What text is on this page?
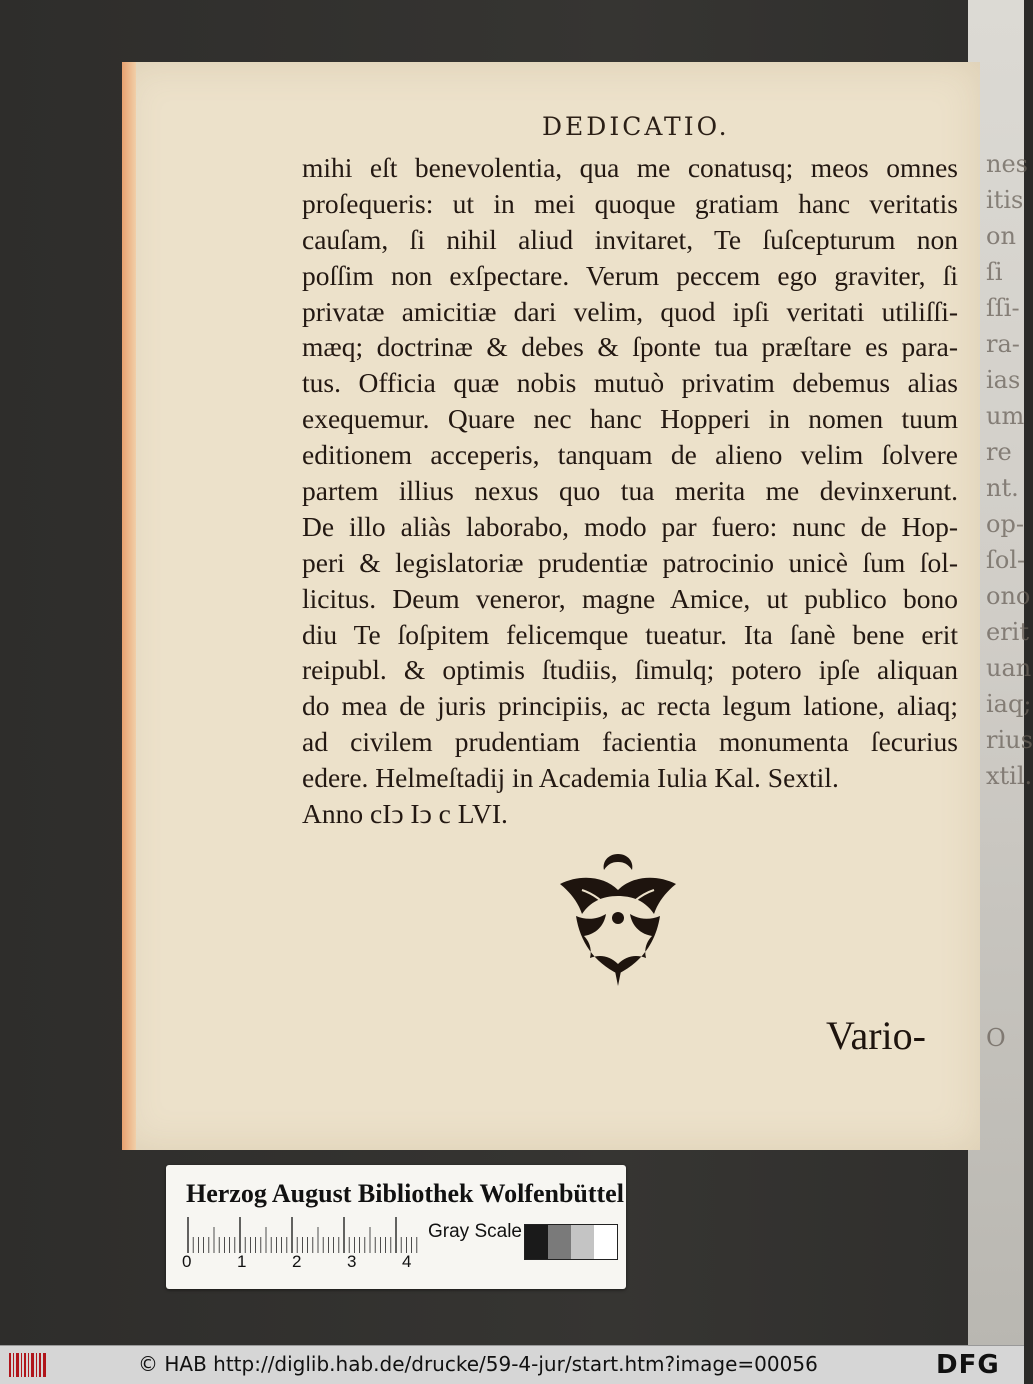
nes
itis
on
ſi
ſſi-
ra-
ias
um
re
nt.
op-
ſol-
ono
erit
uan
iaq;
rius
xtil.
O
DEDICATIO.
mihi eſt benevolentia, qua me conatusq; meos omnes
proſequeris: ut in mei quoque gratiam hanc veritatis
cauſam, ſi nihil aliud invitaret, Te ſuſcepturum non
poſſim non exſpectare. Verum peccem ego graviter, ſi
privatæ amicitiæ dari velim, quod ipſi veritati utiliſſi-
mæq; doctrinæ & debes & ſponte tua præſtare es para-
tus. Officia quæ nobis mutuò privatim debemus alias
exequemur. Quare nec hanc Hopperi in nomen tuum
editionem acceperis, tanquam de alieno velim ſolvere
partem illius nexus quo tua merita me devinxerunt.
De illo aliàs laborabo, modo par fuero: nunc de Hop-
peri & legislatoriæ prudentiæ patrocinio unicè ſum ſol-
licitus. Deum veneror, magne Amice, ut publico bono
diu Te ſoſpitem felicemque tueatur. Ita ſanè bene erit
reipubl. & optimis ſtudiis, ſimulq; potero ipſe aliquan
do mea de juris principiis, ac recta legum latione, aliaq;
ad civilem prudentiam facientia monumenta ſecurius
edere. Helmeſtadij in Academia Iulia Kal. Sextil.
Anno cIↄ Iↄ c LVI.
Vario-
Herzog August Bibliothek Wolfenbüttel
0	1	2	3	4
Gray Scale
© HAB http://diglib.hab.de/drucke/59-4-jur/start.htm?image=00056	DFG
